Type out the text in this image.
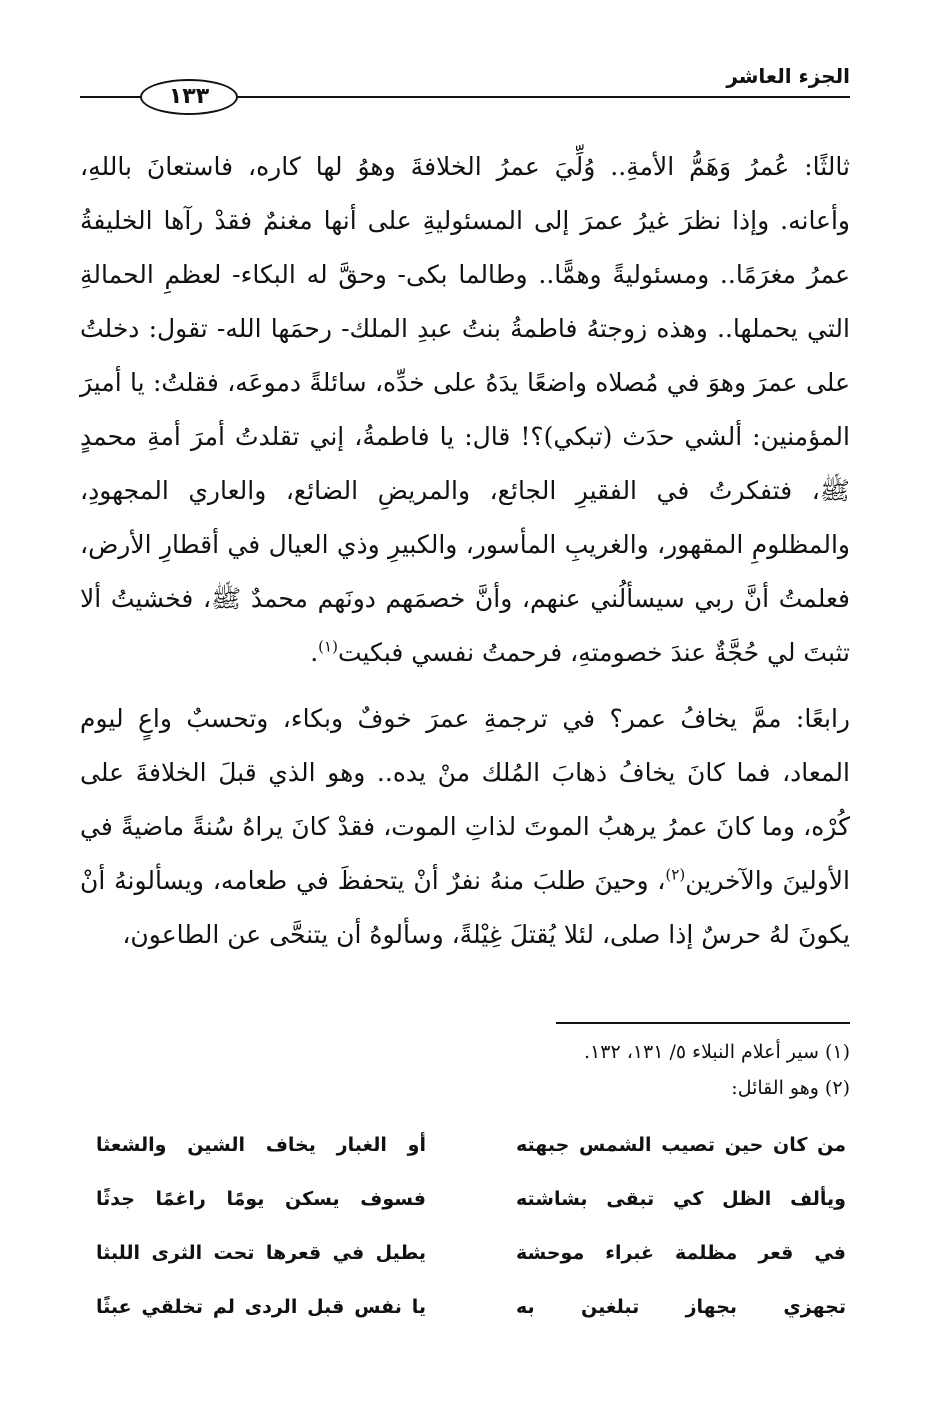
الجزء العاشر
١٣٣

ثالثًا: عُمرُ وَهَمُّ الأمةِ.. وُلِّيَ عمرُ الخلافةَ وهوُ لها كاره، فاستعانَ باللهِ، وأعانه. وإذا نظرَ غيرُ عمرَ إلى المسئوليةِ على أنها مغنمٌ فقدْ رآها الخليفةُ عمرُ مغرَمًا.. ومسئوليةً وهمًّا.. وطالما بكى- وحقَّ له البكاء- لعظمِ الحمالةِ التي يحملها.. وهذه زوجتهُ فاطمةُ بنتُ عبدِ الملك- رحمَها الله- تقول: دخلتُ على عمرَ وهوَ في مُصلاه واضعًا يدَهُ على خدِّه، سائلةً دموعَه، فقلتُ: يا أميرَ المؤمنين: ألشي حدَث (تبكي)؟! قال: يا فاطمةُ، إني تقلدتُ أمرَ أمةِ محمدٍ ﷺ، فتفكرتُ في الفقيرِ الجائع، والمريضِ الضائع، والعاري المجهودِ، والمظلومِ المقهور، والغريبِ المأسور، والكبيرِ وذي العيال في أقطارِ الأرض، فعلمتُ أنَّ ربي سيسألُني عنهم، وأنَّ خصمَهم دونَهم محمدٌ ﷺ، فخشيتُ ألا تثبتَ لي حُجَّةٌ عندَ خصومتهِ، فرحمتُ نفسي فبكيت$^{(١)}$.

رابعًا: ممَّ يخافُ عمر؟ في ترجمةِ عمرَ خوفٌ وبكاء، وتحسبٌ واعٍ ليوم المعاد، فما كانَ يخافُ ذهابَ المُلك منْ يده.. وهو الذي قبلَ الخلافةَ على كُرْه، وما كانَ عمرُ يرهبُ الموتَ لذاتِ الموت، فقدْ كانَ يراهُ سُنةً ماضيةً في الأولينَ والآخرين$^{(٢)}$، وحينَ طلبَ منهُ نفرٌ أنْ يتحفظَ في طعامه، ويسألونهُ أنْ يكونَ لهُ حرسٌ إذا صلى، لئلا يُقتلَ غِيْلةً، وسألوهُ أن يتنحَّى عن الطاعون،

(١) سير أعلام النبلاء ٥/ ١٣١، ١٣٢.

(٢) وهو القائل:

من كان حين تصيب الشمس جبهته
أو الغبار يخاف الشين والشعثا
ويألف الظل كي تبقى بشاشته
فسوف يسكن يومًا راغمًا جدثًا
في قعر مظلمة غبراء موحشة
يطيل في قعرها تحت الثرى اللبثا
تجهزي بجهاز تبلغين به
يا نفس قبل الردى لم تخلقي عبثًا
